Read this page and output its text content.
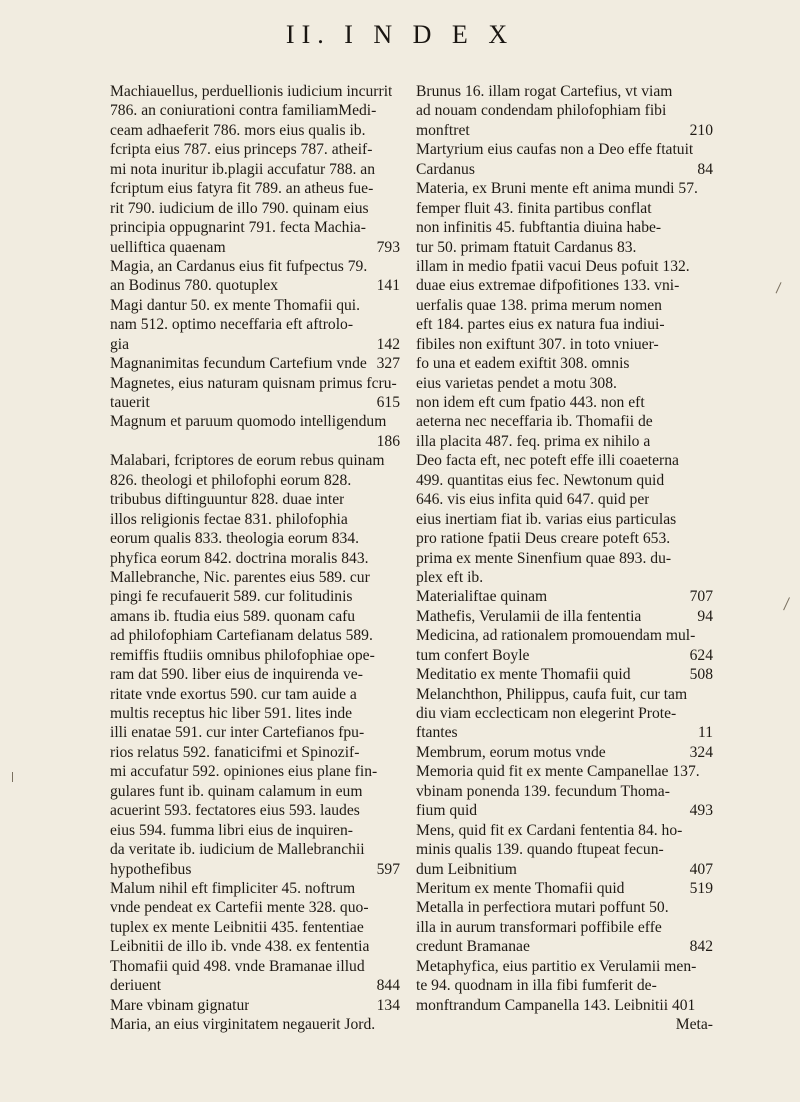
II. I N D E X
Machiauellus, perduellionis iudicium incurrit
786. an coniurationi contra familiamMedi-
ceam adhaeferit 786. mors eius qualis ib.
fcripta eius 787. eius princeps 787. atheif-
mi nota inuritur ib.plagii accufatur 788. an
fcriptum eius fatyra fit 789. an atheus fue-
rit 790. iudicium de illo 790. quinam eius
principia oppugnarint 791. fecta Machia-
uelliftica quaenam	793
Magia, an Cardanus eius fit fufpectus 79.
an Bodinus 780. quotuplex	141
Magi dantur 50. ex mente Thomafii qui.
nam 512. optimo neceffaria eft aftrolo-
gia	142
Magnanimitas fecundum Cartefium vnde 327
Magnetes, eius naturam quisnam primus fcru-
tauerit	615
Magnum et paruum quomodo intelligendum
186
Malabari, fcriptores de eorum rebus quinam
826. theologi et philofophi eorum 828.
tribubus diftinguuntur 828. duae inter
illos religionis fectae 831. philofophia
eorum qualis 833. theologia eorum 834.
phyfica eorum 842. doctrina moralis 843.
Mallebranche, Nic. parentes eius 589. cur
pingi fe recufauerit 589. cur folitudinis
amans ib. ftudia eius 589. quonam cafu
ad philofophiam Cartefianam delatus 589.
remiffis ftudiis omnibus philofophiae ope-
ram dat 590. liber eius de inquirenda ve-
ritate vnde exortus 590. cur tam auide a
multis receptus hic liber 591. lites inde
illi enatae 591. cur inter Cartefianos fpu-
rios relatus 592. fanaticifmi et Spinozif-
mi accufatur 592. opiniones eius plane fin-
gulares funt ib. quinam calamum in eum
acuerint 593. fectatores eius 593. laudes
eius 594. fumma libri eius de inquiren-
da veritate ib. iudicium de Mallebranchii
hypothefibus	597
Malum nihil eft fimpliciter 45. noftrum
vnde pendeat ex Cartefii mente 328. quo-
tuplex ex mente Leibnitii 435. fententiae
Leibnitii de illo ib. vnde 438. ex fententia
Thomafii quid 498. vnde Bramanae illud
deriuent	844
Mare vbinam gignatur	134
Maria, an eius virginitatem negauerit Jord.
Brunus 16. illam rogat Cartefius, vt viam
ad nouam condendam philofophiam fibi
monftret	210
Martyrium eius caufas non a Deo effe ftatuit
Cardanus	84
Materia, ex Bruni mente eft anima mundi 57.
femper fluit 43. finita partibus conflat
non infinitis 45. fubftantia diuina habe-
tur 50. primam ftatuit Cardanus 83.
illam in medio fpatii vacui Deus pofuit 132.
duae eius extremae difpofitiones 133. vni-
uerfalis quae 138. prima merum nomen
eft 184. partes eius ex natura fua indiui-
fibiles non exiftunt 307. in toto vniuer-
fo una et eadem exiftit 308. omnis
eius varietas pendet a motu 308.
non idem eft cum fpatio 443. non eft
aeterna nec neceffaria ib. Thomafii de
illa placita 487. feq. prima ex nihilo a
Deo facta eft, nec poteft effe illi coaeterna
499. quantitas eius fec. Newtonum quid
646. vis eius infita quid 647. quid per
eius inertiam fiat ib. varias eius particulas
pro ratione fpatii Deus creare poteft 653.
prima ex mente Sinenfium quae 893. du-
plex eft ib.
Materialiftae quinam	707
Mathefis, Verulamii de illa fententia	94
Medicina, ad rationalem promouendam mul-
tum confert Boyle	624
Meditatio ex mente Thomafii quid	508
Melanchthon, Philippus, caufa fuit, cur tam
diu viam ecclecticam non elegerint Prote-
ftantes	11
Membrum, eorum motus vnde	324
Memoria quid fit ex mente Campanellae 137.
vbinam ponenda 139. fecundum Thoma-
fium quid	493
Mens, quid fit ex Cardani fententia 84. ho-
minis qualis 139. quando ftupeat fecun-
dum Leibnitium	407
Meritum ex mente Thomafii quid	519
Metalla in perfectiora mutari poffunt 50.
illa in aurum transformari poffibile effe
credunt Bramanae	842
Metaphyfica, eius partitio ex Verulamii men-
te 94. quodnam in illa fibi fumferit de-
monftrandum Campanella 143. Leibnitii 401
Meta-
